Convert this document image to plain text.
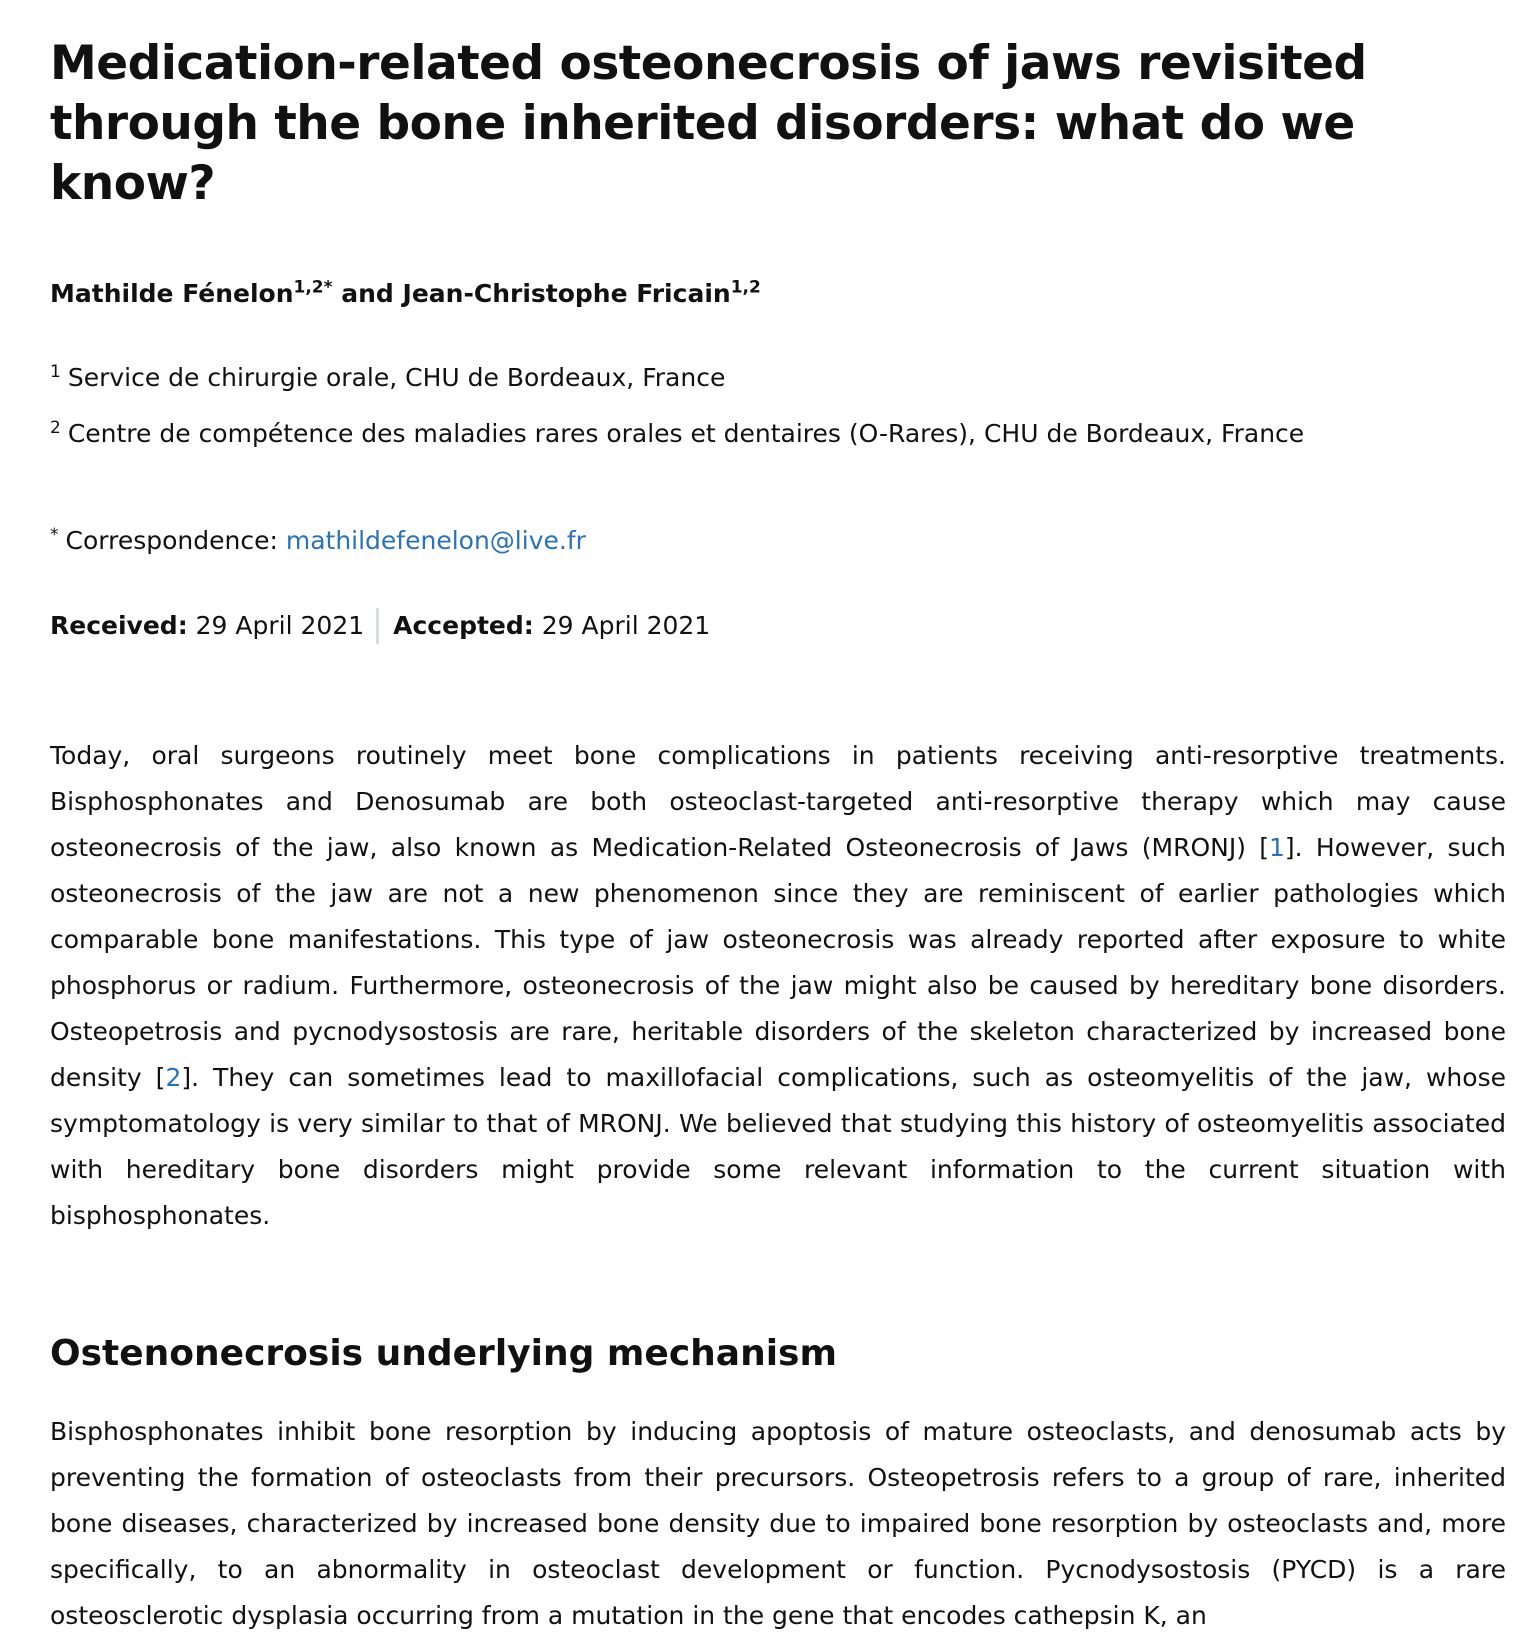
Medication-related osteonecrosis of jaws revisited through the bone inherited disorders: what do we know?
Mathilde Fénelon$^{1,2*}$ and Jean-Christophe Fricain$^{1,2}$
$^1$ Service de chirurgie orale, CHU de Bordeaux, France
$^2$ Centre de compétence des maladies rares orales et dentaires (O-Rares), CHU de Bordeaux, France
* Correspondence: mathildefenelon@live.fr
Received:
29 April 2021 Accepted:
29 April 2021

Today, oral surgeons routinely meet bone complications in patients receiving anti-resorptive treatments. Bisphosphonates and Denosumab are both osteoclast-targeted anti-resorptive therapy which may cause osteonecrosis of the jaw, also known as Medication-Related Osteonecrosis of Jaws (MRONJ) [1]. However, such osteonecrosis of the jaw are not a new phenomenon since they are reminiscent of earlier pathologies which comparable bone manifestations. This type of jaw osteonecrosis was already reported after exposure to white phosphorus or radium. Furthermore, osteonecrosis of the jaw might also be caused by hereditary bone disorders. Osteopetrosis and pycnodysostosis are rare, heritable disorders of the skeleton characterized by increased bone density [2]. They can sometimes lead to maxillofacial complications, such as osteomyelitis of the jaw, whose symptomatology is very similar to that of MRONJ. We believed that studying this history of osteomyelitis associated with hereditary bone disorders might provide some relevant information to the current situation with bisphosphonates.

Ostenonecrosis underlying mechanism

Bisphosphonates inhibit bone resorption by inducing apoptosis of mature osteoclasts, and denosumab acts by preventing the formation of osteoclasts from their precursors. Osteopetrosis refers to a group of rare, inherited bone diseases, characterized by increased bone density due to impaired bone resorption by osteoclasts and, more specifically, to an abnormality in osteoclast development or function. Pycnodysostosis (PYCD) is a rare osteosclerotic dysplasia occurring from a mutation in the gene that encodes cathepsin K, an
